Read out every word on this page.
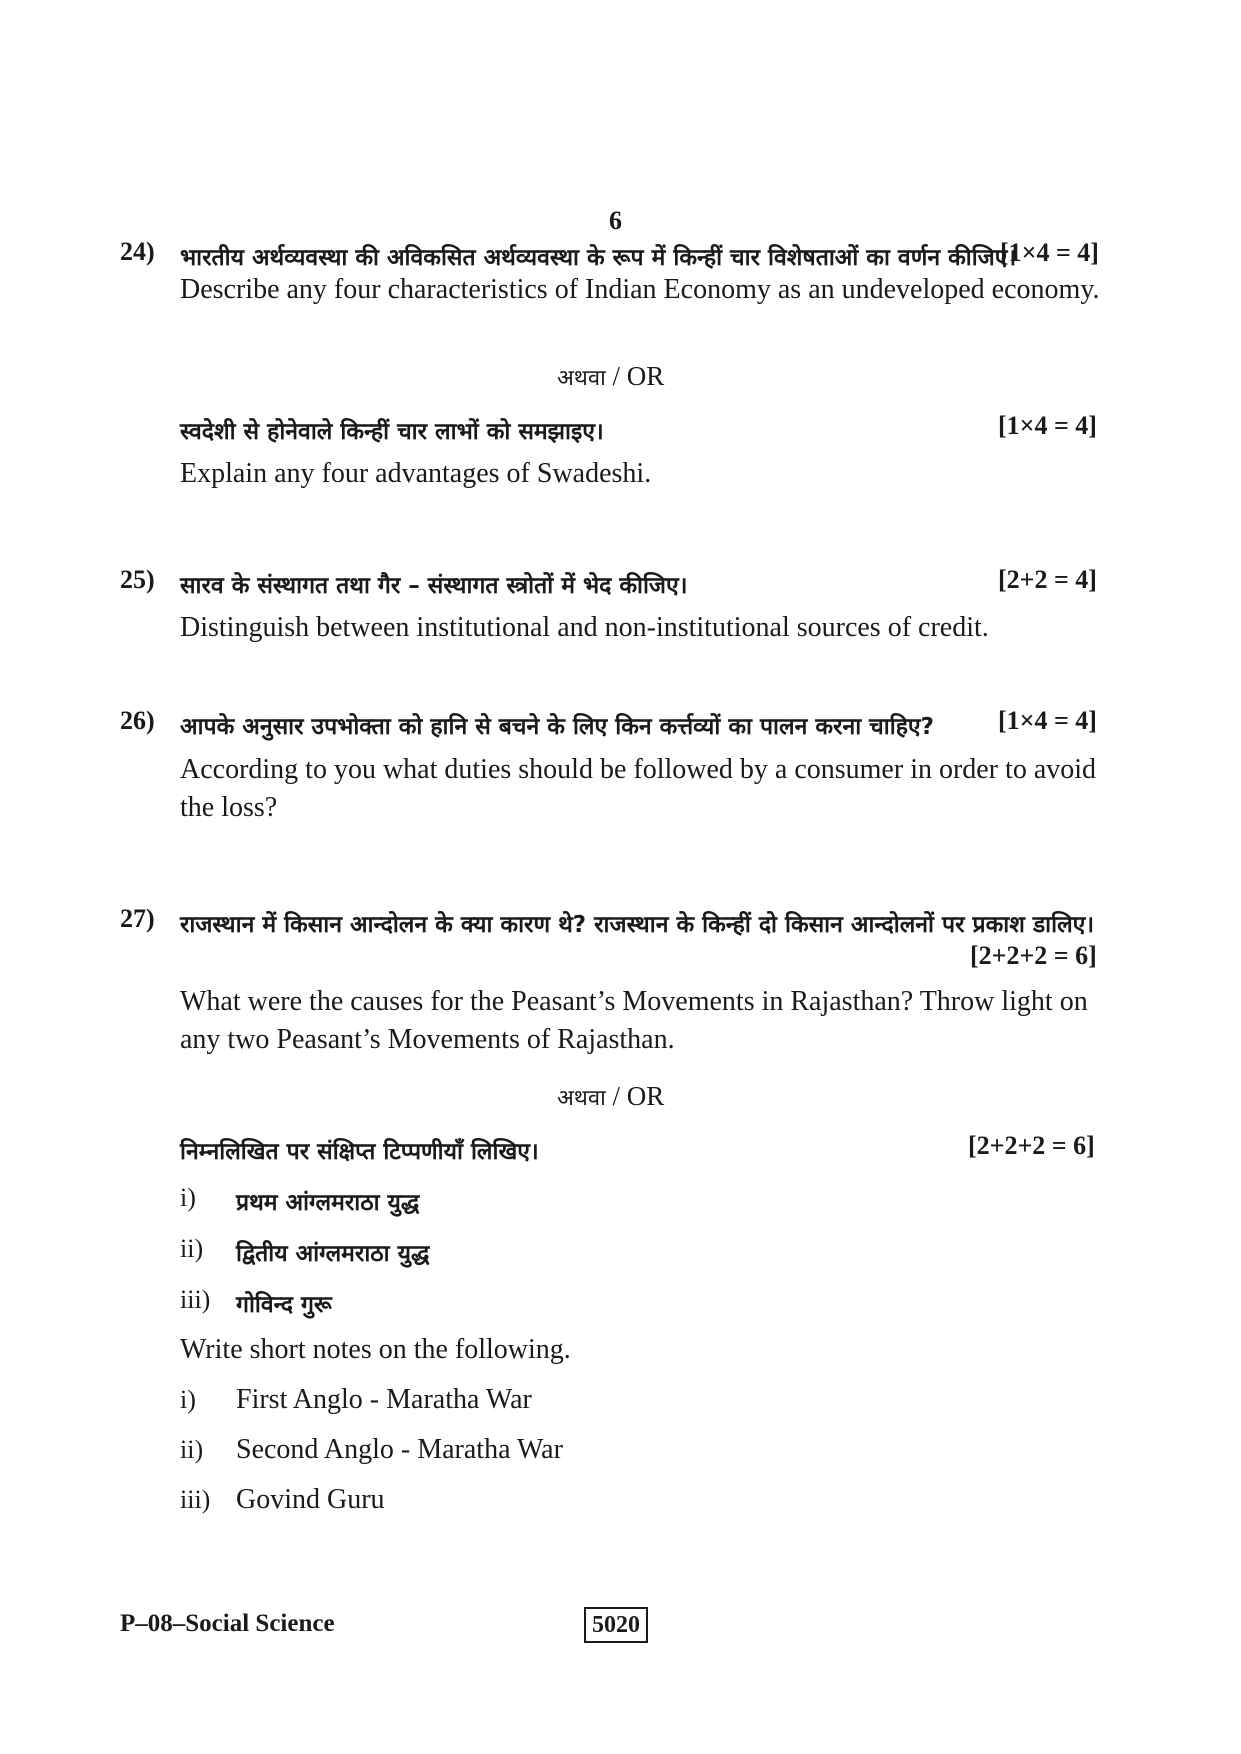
6
24) भारतीय अर्थव्यवस्था की अविकसित अर्थव्यवस्था के रूप में किन्हीं चार विशेषताओं का वर्णन कीजिए।
[1×4 = 4]
Describe any four characteristics of Indian Economy as an undeveloped economy.
अथवा / OR
स्वदेशी से होनेवाले किन्हीं चार लाभों को समझाइए।	[1×4 = 4]
Explain any four advantages of Swadeshi.
25) सारव के संस्थागत तथा गैर – संस्थागत स्त्रोतों में भेद कीजिए।	[2+2 = 4]
Distinguish between institutional and non-institutional sources of credit.
26) आपके अनुसार उपभोक्ता को हानि से बचने के लिए किन कर्त्तव्यों का पालन करना चाहिए? [1×4 = 4]
According to you what duties should be followed by a consumer in order to avoid
the loss?
27) राजस्थान में किसान आन्दोलन के क्या कारण थे? राजस्थान के किन्हीं दो किसान आन्दोलनों पर प्रकाश डालिए।
[2+2+2 = 6]
What were the causes for the Peasant’s Movements in Rajasthan? Throw light on
any two Peasant’s Movements of Rajasthan.
अथवा / OR
निम्नलिखित पर संक्षिप्त टिप्पणीयाँ लिखिए।	[2+2+2 = 6]
i) प्रथम आंग्लमराठा युद्ध
ii) द्वितीय आंग्लमराठा युद्ध
iii) गोविन्द गुरू
Write short notes on the following.
i) First Anglo - Maratha War
ii) Second Anglo - Maratha War
iii) Govind Guru
P–08–Social Science	5020
